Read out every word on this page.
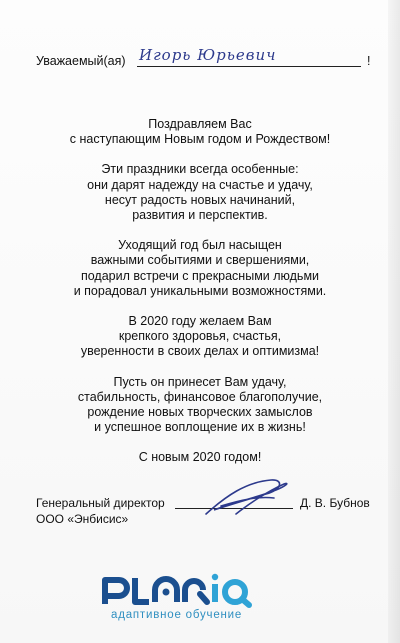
Уважаемый(ая) Игорь Юрьевич	!
Поздравляем Вас
с наступающим Новым годом и Рождеством!
Эти праздники всегда особенные:
они дарят надежду на счастье и удачу,
несут радость новых начинаний,
развития и перспектив.
Уходящий год был насыщен
важными событиями и свершениями,
подарил встречи с прекрасными людьми
и порадовал уникальными возможностями.
В 2020 году желаем Вам
крепкого здоровья, счастья,
уверенности в своих делах и оптимизма!
Пусть он принесет Вам удачу,
стабильность, финансовое благополучие,
рождение новых творческих замыслов
и успешное воплощение их в жизнь!
С новым 2020 годом!
Генеральный директор
ООО «Энбисис»
Д. В. Бубнов
адаптивное обучение
